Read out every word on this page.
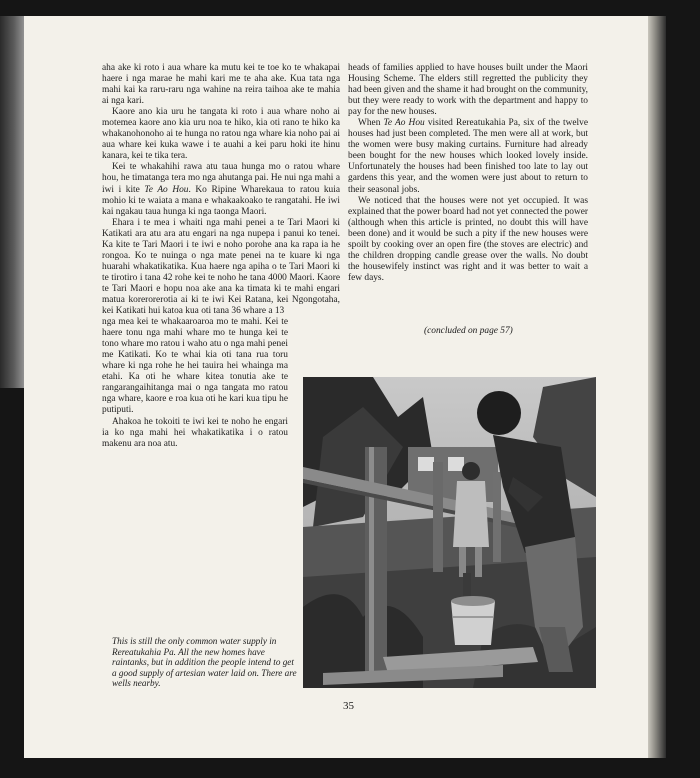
aha ake ki roto i aua whare ka mutu kei te toe ko te whakapai haere i nga marae he mahi kari me te aha ake. Kua tata nga mahi kai ka raru-raru nga wahine na reira taihoa ake te mahia ai nga kari.

Kaore ano kia uru he tangata ki roto i aua whare noho ai motemea kaore ano kia uru noa te hiko, kia oti rano te hiko ka whakanohonoho ai te hunga no ratou nga whare kia noho pai ai aua whare kei kuka wawe i te auahi a kei paru hoki ite hinu kanara, kei te tika tera.

Kei te whakahihi rawa atu taua hunga mo o ratou whare hou, he timatanga tera mo nga ahutanga pai. He nui nga mahi a iwi i kite Te Ao Hou. Ko Ripine Wharekaua to ratou kuia mohio ki te waiata a mana e whakaakoako te rangatahi. He iwi kai ngakau taua hunga ki nga taonga Maori.

Ehara i te mea i whaiti nga mahi penei a te Tari Maori ki Katikati ara atu ara atu engari na nga nupepa i panui ko tenei. Ka kite te Tari Maori i te iwi e noho porohe ana ka rapa ia he rongoa. Ko te nuinga o nga mate penei na te kuare ki nga huarahi whakatikatika. Kua haere nga apiha o te Tari Maori ki te tirotiro i tana 42 rohe kei te noho he tana 4000 Maori. Kaore te Tari Maori e hopu noa ake ana ka timata ki te mahi engari matua korerorerotia ai ki te iwi Kei Ratana, kei Ngongotaha, kei Katikati hui katoa kua oti tana 36 whare a 13

nga mea kei te whakaaroaroa mo te mahi. Kei te haere tonu nga mahi whare mo te hunga kei te tono whare mo ratou i waho atu o nga mahi penei me Katikati. Ko te whai kia oti tana rua toru whare ki nga rohe he hei tauira hei whainga ma etahi. Ka oti he whare kitea tonutia ake te rangarangaihitanga mai o nga tangata mo ratou nga whare, kaore e roa kua oti he kari kua tipu he putiputi.

Ahakoa he tokoiti te iwi kei te noho he engari ia ko nga mahi hei whakatikatika i o ratou makenu ara noa atu.

heads of families applied to have houses built under the Maori Housing Scheme. The elders still regretted the publicity they had been given and the shame it had brought on the community, but they were ready to work with the department and happy to pay for the new houses.

When Te Ao Hou visited Rereatukahia Pa, six of the twelve houses had just been completed. The men were all at work, but the women were busy making curtains. Furniture had already been bought for the new houses which looked lovely inside. Unfortunately the houses had been finished too late to lay out gardens this year, and the women were just about to return to their seasonal jobs.

We noticed that the houses were not yet occupied. It was explained that the power board had not yet connected the power (although when this article is printed, no doubt this will have been done) and it would be such a pity if the new houses were spoilt by cooking over an open fire (the stoves are electric) and the children dropping candle grease over the walls. No doubt the housewifely instinct was right and it was better to wait a few days.

(concluded on page 57)
This is still the only common water supply in Rereatukahia Pa. All the new homes have raintanks, but in addition the people intend to get a good supply of artesian water laid on. There are wells nearby.
35
